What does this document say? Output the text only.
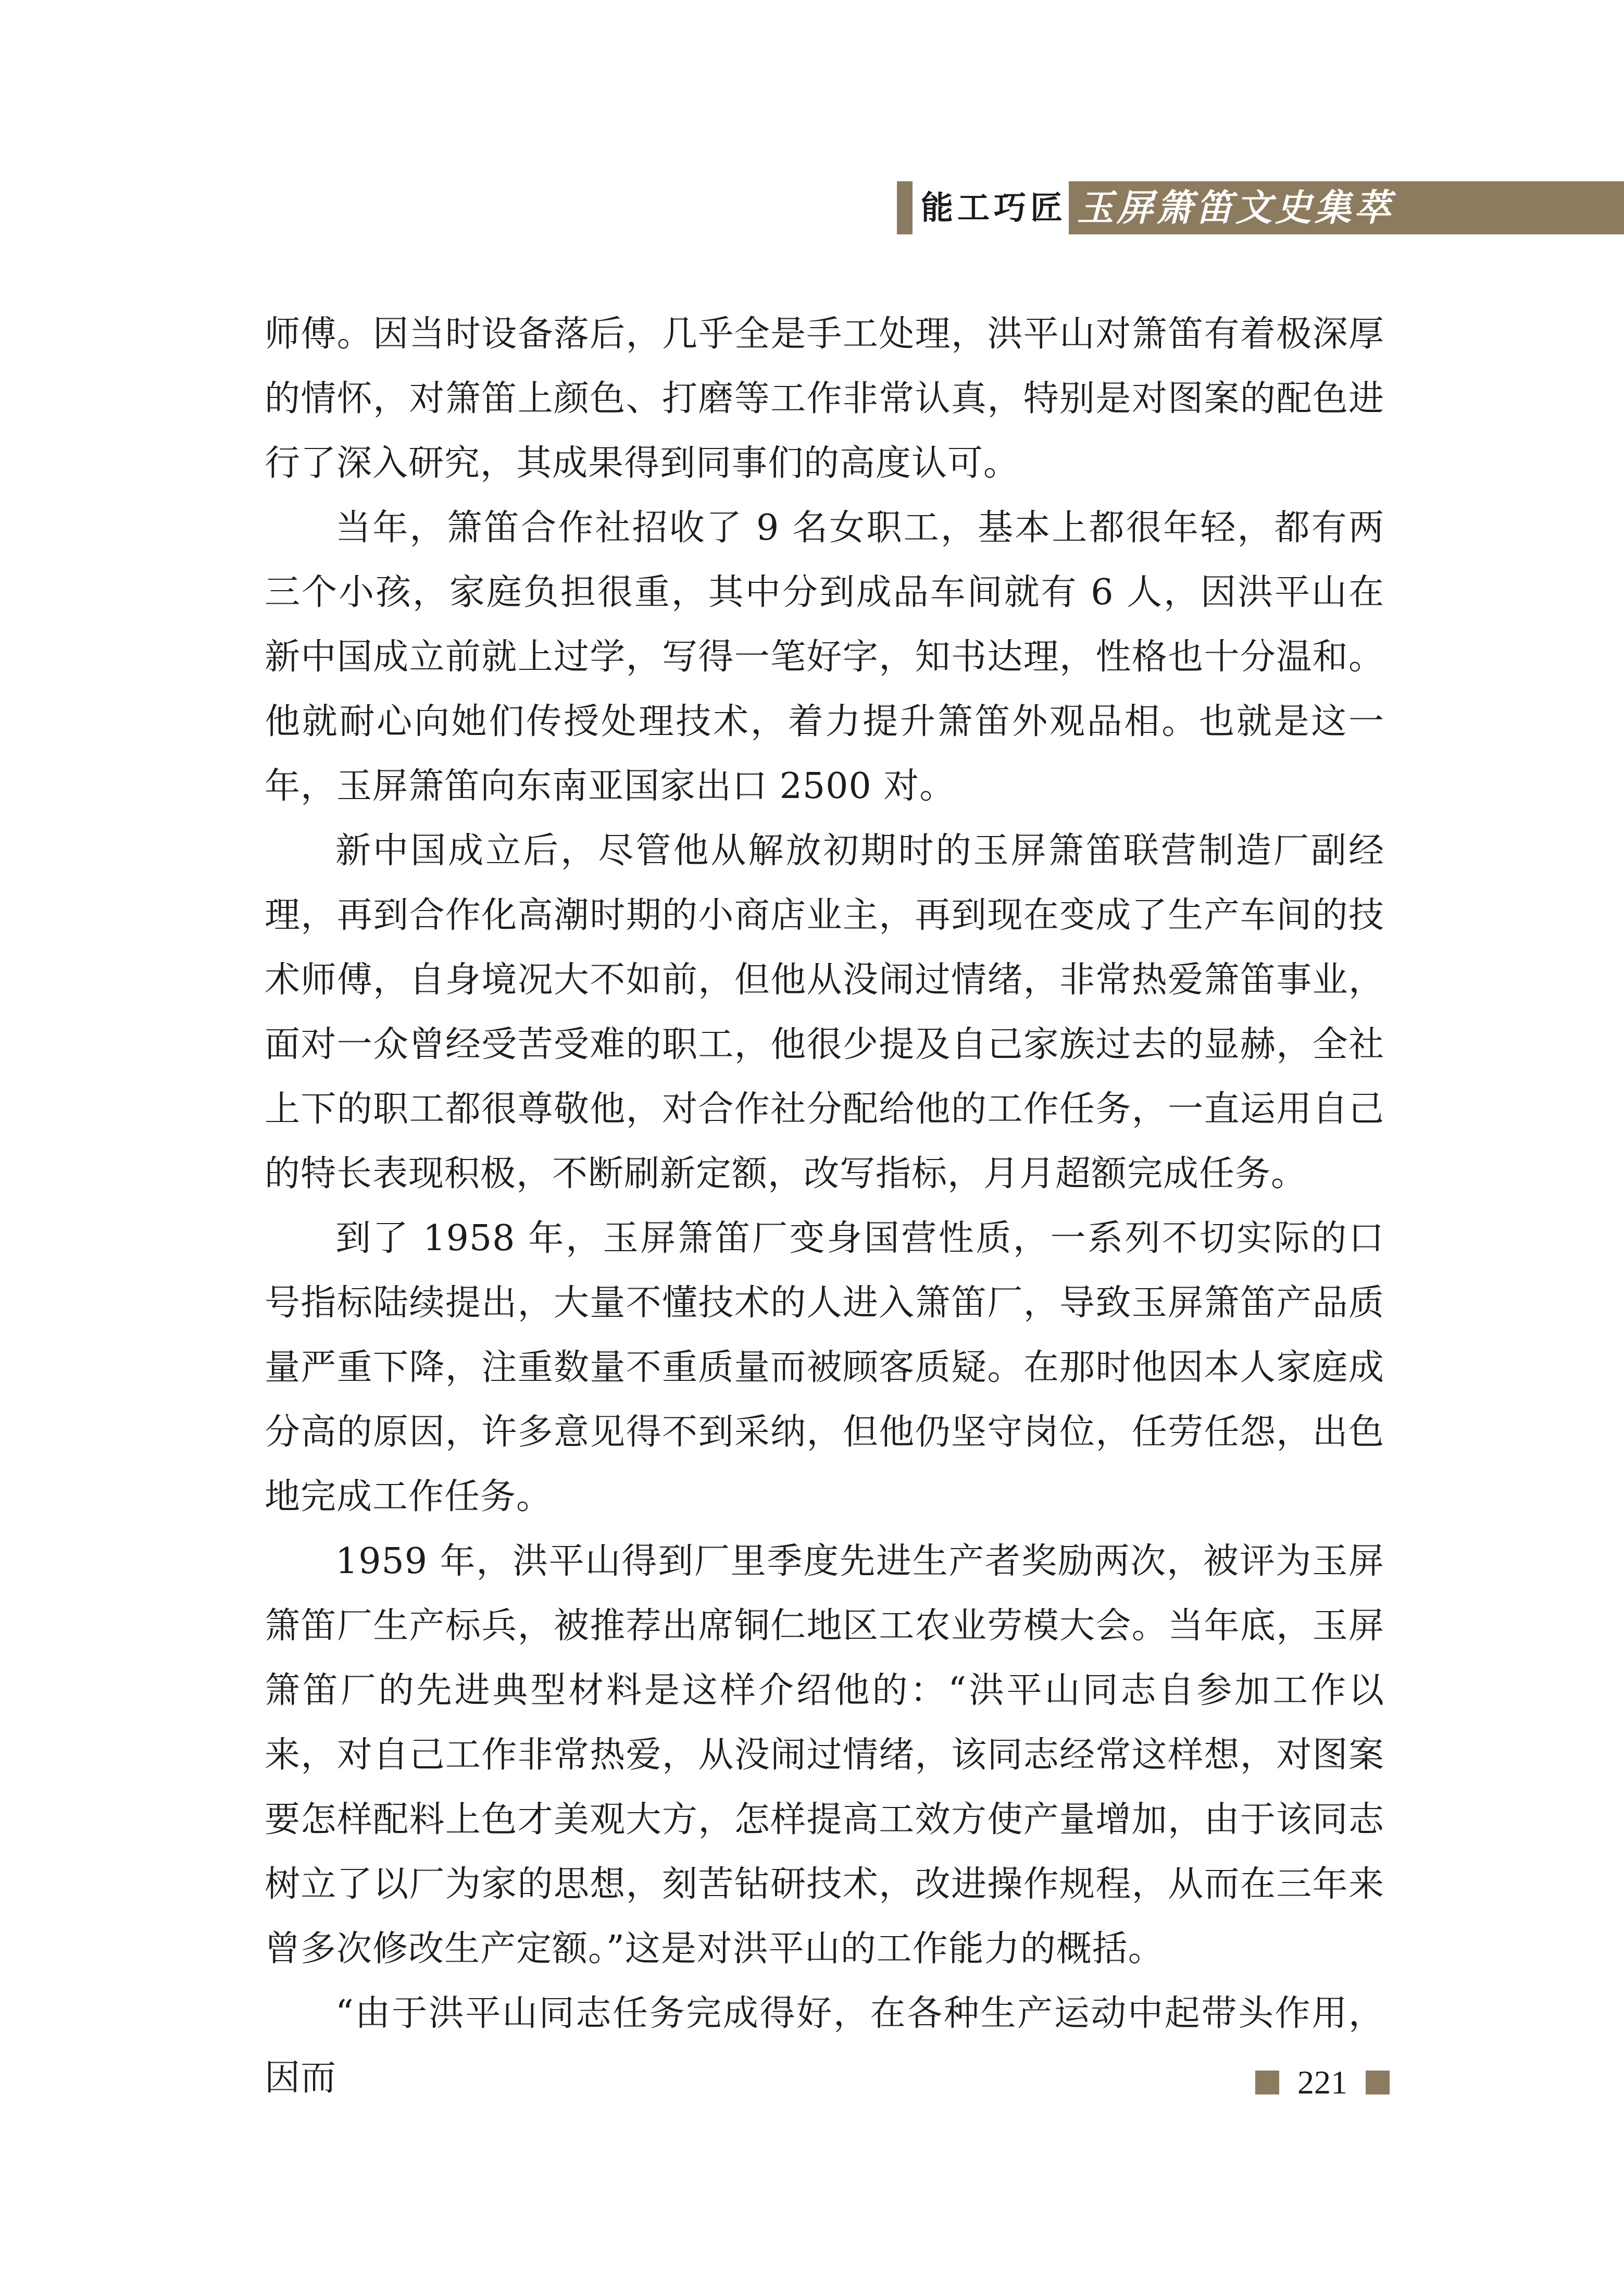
能工巧匠 玉屏箫笛文史集萃

师傅。因当时设备落后，几乎全是手工处理，洪平山对箫笛有着极深厚的情怀，对箫笛上颜色、打磨等工作非常认真，特别是对图案的配色进行了深入研究，其成果得到同事们的高度认可。

当年，箫笛合作社招收了 9 名女职工，基本上都很年轻，都有两三个小孩，家庭负担很重，其中分到成品车间就有 6 人，因洪平山在新中国成立前就上过学，写得一笔好字，知书达理，性格也十分温和。他就耐心向她们传授处理技术，着力提升箫笛外观品相。也就是这一年，玉屏箫笛向东南亚国家出口 2500 对。

新中国成立后，尽管他从解放初期时的玉屏箫笛联营制造厂副经理，再到合作化高潮时期的小商店业主，再到现在变成了生产车间的技术师傅，自身境况大不如前，但他从没闹过情绪，非常热爱箫笛事业，面对一众曾经受苦受难的职工，他很少提及自己家族过去的显赫，全社上下的职工都很尊敬他，对合作社分配给他的工作任务，一直运用自己的特长表现积极，不断刷新定额，改写指标，月月超额完成任务。

到了 1958 年，玉屏箫笛厂变身国营性质，一系列不切实际的口号指标陆续提出，大量不懂技术的人进入箫笛厂，导致玉屏箫笛产品质量严重下降，注重数量不重质量而被顾客质疑。在那时他因本人家庭成分高的原因，许多意见得不到采纳，但他仍坚守岗位，任劳任怨，出色地完成工作任务。

1959 年，洪平山得到厂里季度先进生产者奖励两次，被评为玉屏箫笛厂生产标兵，被推荐出席铜仁地区工农业劳模大会。当年底，玉屏箫笛厂的先进典型材料是这样介绍他的：“洪平山同志自参加工作以来，对自己工作非常热爱，从没闹过情绪，该同志经常这样想，对图案要怎样配料上色才美观大方，怎样提高工效方使产量增加，由于该同志树立了以厂为家的思想，刻苦钻研技术，改进操作规程，从而在三年来曾多次修改生产定额。”这是对洪平山的工作能力的概括。

“由于洪平山同志任务完成得好，在各种生产运动中起带头作用，因而	221
